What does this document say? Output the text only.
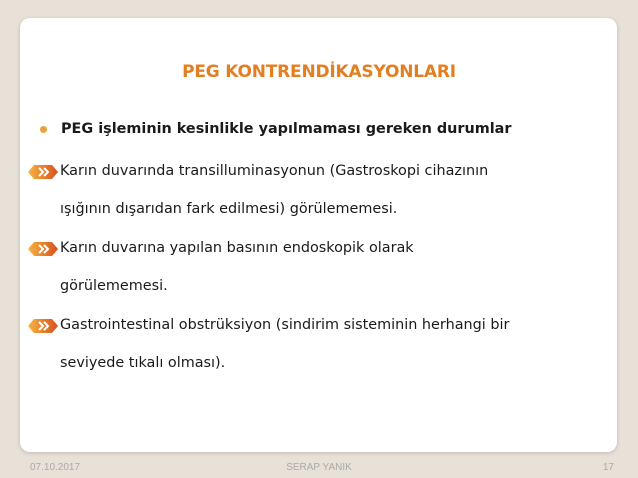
PEG KONTRENDİKASYONLARI
PEG işleminin kesinlikle yapılmaması gereken durumlar
Karın duvarında transilluminasyonun (Gastroskopi cihazının
ışığının dışarıdan fark edilmesi) görülememesi.
Karın duvarına yapılan basının endoskopik olarak
görülememesi.
Gastrointestinal obstrüksiyon (sindirim sisteminin herhangi bir
seviyede tıkalı olması).
07.10.2017	SERAP YANIK	17
